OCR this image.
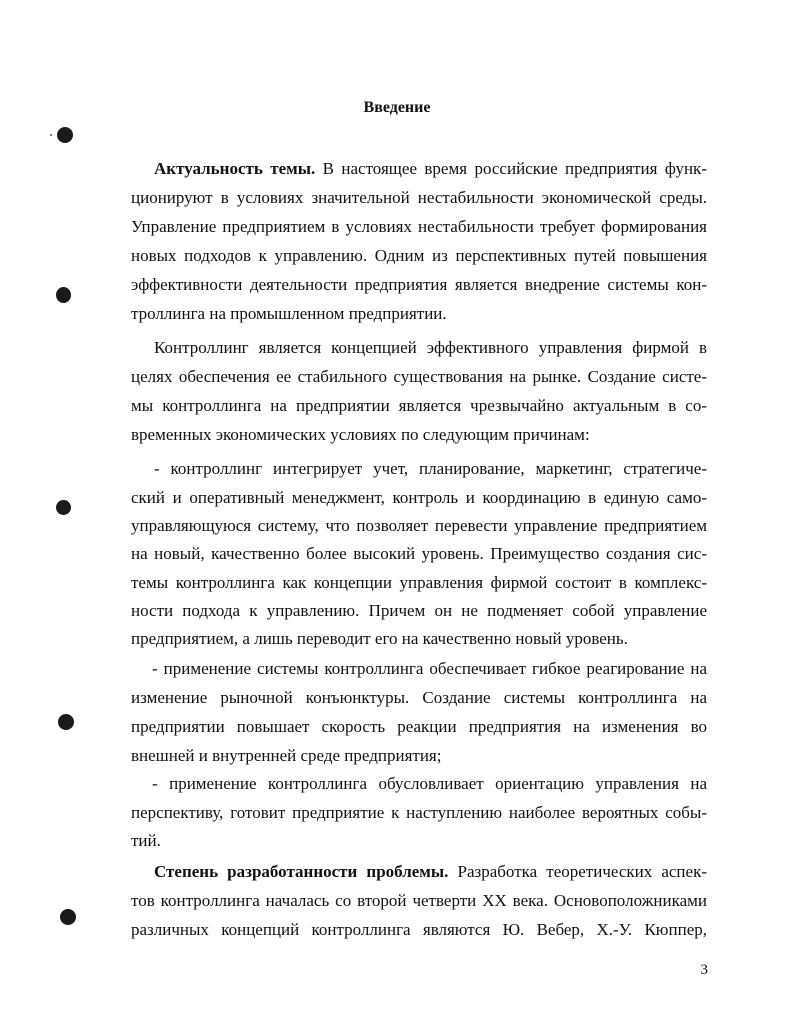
Введение
Актуальность темы. В настоящее время российские предприятия функ-
ционируют в условиях значительной нестабильности экономической среды.
Управление предприятием в условиях нестабильности требует формирования
новых подходов к управлению. Одним из перспективных путей повышения
эффективности деятельности предприятия является внедрение системы кон-
троллинга на промышленном предприятии.
Контроллинг является концепцией эффективного управления фирмой в
целях обеспечения ее стабильного существования на рынке. Создание систе-
мы контроллинга на предприятии является чрезвычайно актуальным в со-
временных экономических условиях по следующим причинам:
- контроллинг интегрирует учет, планирование, маркетинг, стратегиче-
ский и оперативный менеджмент, контроль и координацию в единую само-
управляющуюся систему, что позволяет перевести управление предприятием
на новый, качественно более высокий уровень. Преимущество создания сис-
темы контроллинга как концепции управления фирмой состоит в комплекс-
ности подхода к управлению. Причем он не подменяет собой управление
предприятием, а лишь переводит его на качественно новый уровень.
- применение системы контроллинга обеспечивает гибкое реагирование на
изменение рыночной конъюнктуры. Создание системы контроллинга на
предприятии повышает скорость реакции предприятия на изменения во
внешней и внутренней среде предприятия;
- применение контроллинга обусловливает ориентацию управления на
перспективу, готовит предприятие к наступлению наиболее вероятных собы-
тий.
Степень разработанности проблемы. Разработка теоретических аспек-
тов контроллинга началась со второй четверти XX века. Основоположниками
различных концепций контроллинга являются Ю. Вебер, Х.-У. Кюппер,
3
